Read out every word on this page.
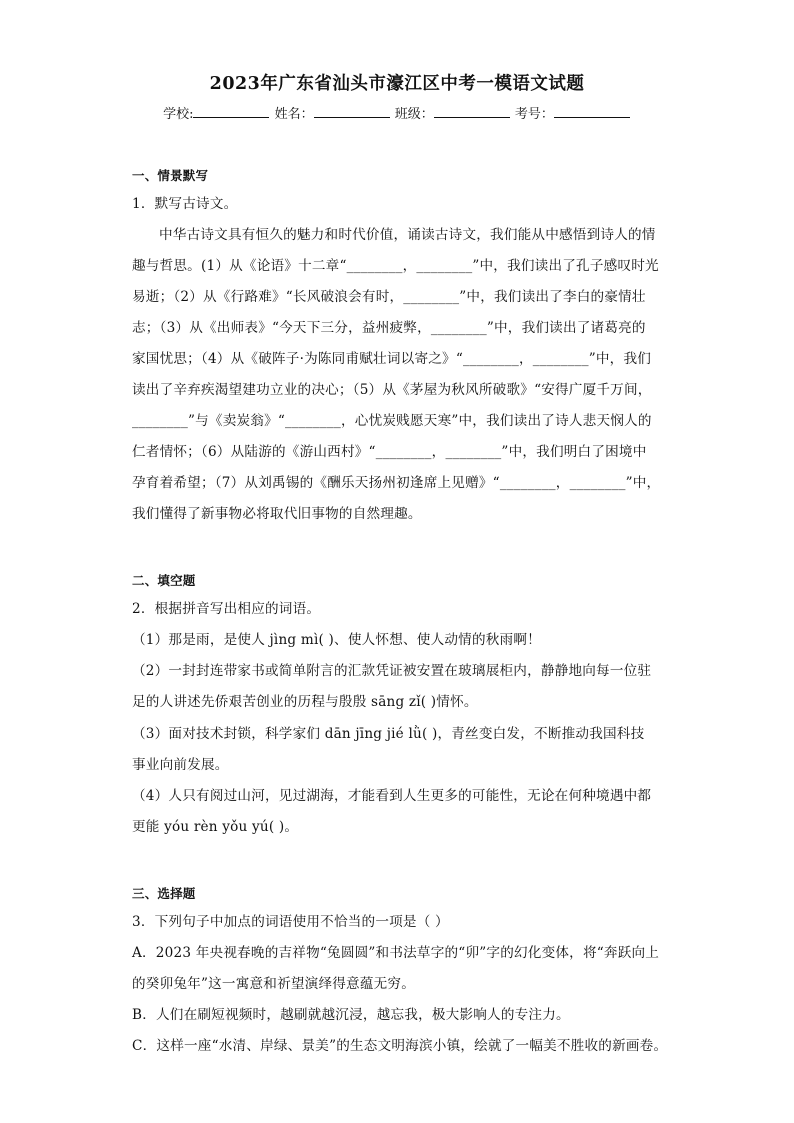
2023年广东省汕头市濠江区中考一模语文试题
学校:	姓名：	班级：	考号：
一、情景默写
1．默写古诗文。
中华古诗文具有恒久的魅力和时代价值，诵读古诗文，我们能从中感悟到诗人的情
趣与哲思。(1）从《论语》十二章“________，________”中，我们读出了孔子感叹时光
易逝；（2）从《行路难》“长风破浪会有时，________”中，我们读出了李白的豪情壮
志；（3）从《出师表》“今天下三分，益州疲弊，________”中，我们读出了诸葛亮的
家国忧思；（4）从《破阵子·为陈同甫赋壮词以寄之》“________，________”中，我们
读出了辛弃疾渴望建功立业的决心；（5）从《茅屋为秋风所破歌》“安得广厦千万间，
________”与《卖炭翁》“________，心忧炭贱愿天寒”中，我们读出了诗人悲天悯人的
仁者情怀；（6）从陆游的《游山西村》“________，________”中，我们明白了困境中
孕育着希望；（7）从刘禹锡的《酬乐天扬州初逢席上见赠》“________，________”中，
我们懂得了新事物必将取代旧事物的自然理趣。
二、填空题
2．根据拼音写出相应的词语。
（1）那是雨，是使人 jìng mì( )、使人怀想、使人动情的秋雨啊！
（2）一封封连带家书或简单附言的汇款凭证被安置在玻璃展柜内，静静地向每一位驻
足的人讲述先侨艰苦创业的历程与殷殷 sāng zǐ( )情怀。
（3）面对技术封锁，科学家们 dān jīng jié lǜ( )，青丝变白发，不断推动我国科技
事业向前发展。
（4）人只有阅过山河，见过湖海，才能看到人生更多的可能性，无论在何种境遇中都
更能 yóu rèn yǒu yú( )。
三、选择题
3．下列句子中加点的词语使用不恰当的一项是（ ）
A．2023 年央视春晚的吉祥物“兔圆圆”和书法草字的“卯”字的幻化变体，将“奔跃向上
的癸卯兔年”这一寓意和祈望演绎得意蕴无穷。
B．人们在刷短视频时，越刷就越沉浸，越忘我，极大影响人的专注力。
C．这样一座“水清、岸绿、景美”的生态文明海滨小镇，绘就了一幅美不胜收的新画卷。
